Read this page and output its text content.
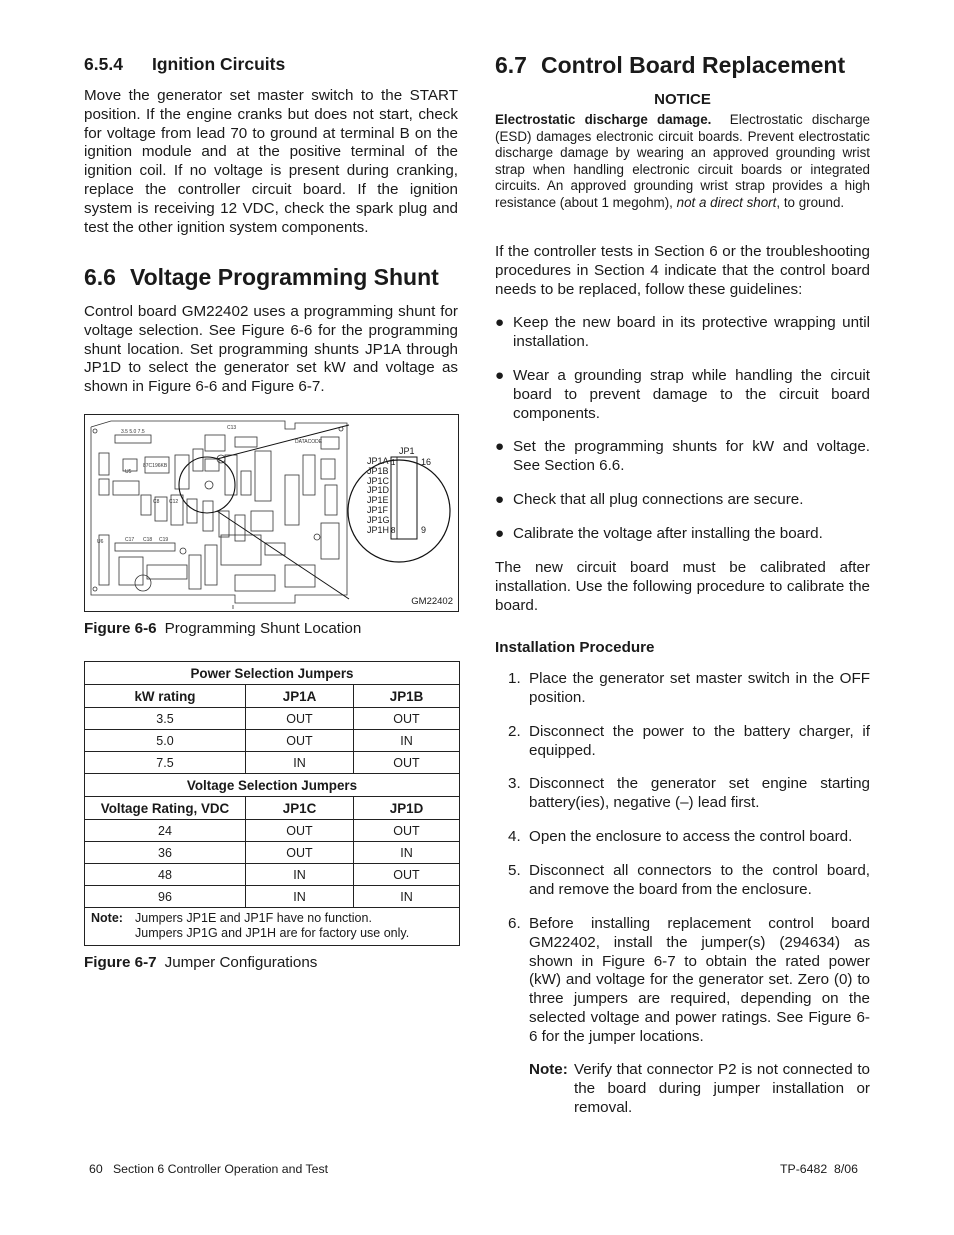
6.5.4 Ignition Circuits

Move the generator set master switch to the START position. If the engine cranks but does not start, check for voltage from lead 70 to ground at terminal B on the ignition module and at the positive terminal of the ignition coil. If no voltage is present during cranking, replace the controller circuit board. If the ignition system is receiving 12 VDC, check the spark plug and test the other ignition system components.

6.6 Voltage Programming Shunt

Control board GM22402 uses a programming shunt for voltage selection. See Figure 6-6 for the programming shunt location. Set programming shunts JP1A through JP1D to select the generator set kW and voltage as shown in Figure 6-6 and Figure 6-7.

3.5 5.0 7.5
87C196KB
U5
C13
DATACODE
C17 C18 C19
U6
C8 C12
JP1
1	16
8	9
JP1A
JP1B
JP1C
JP1D
JP1E
JP1F
JP1G
JP1H
GM22402
Figure 6-6 Programming Shunt Location
Power Selection Jumpers		
kW rating	JP1A	JP1B
3.5	OUT	OUT
5.0	OUT	IN
7.5	IN	OUT
Voltage Selection Jumpers		
Voltage Rating, VDC	JP1C	JP1D
24	OUT	OUT
36	OUT	IN
48	IN	OUT
96	IN	IN
Note: Jumpers JP1E and JP1F have no function.
Jumpers JP1G and JP1H are for factory use only.		
Figure 6-7 Jumper Configurations
6.7 Control Board Replacement
NOTICE

Electrostatic discharge damage. Electrostatic discharge (ESD) damages electronic circuit boards. Prevent electrostatic discharge damage by wearing an approved grounding wrist strap when handling electronic circuit boards or integrated circuits. An approved grounding wrist strap provides a high resistance (about 1 megohm), not a direct short, to ground.

If the controller tests in Section 6 or the troubleshooting procedures in Section 4 indicate that the control board needs to be replaced, follow these guidelines:

● Keep the new board in its protective wrapping until installation.
● Wear a grounding strap while handling the circuit board to prevent damage to the circuit board components.
● Set the programming shunts for kW and voltage. See Section 6.6.
● Check that all plug connections are secure.
● Calibrate the voltage after installing the board.

The new circuit board must be calibrated after installation. Use the following procedure to calibrate the board.

Installation Procedure
1. Place the generator set master switch in the OFF position.
2. Disconnect the power to the battery charger, if equipped.
3. Disconnect the generator set engine starting battery(ies), negative (–) lead first.
4. Open the enclosure to access the control board.
5. Disconnect all connectors to the control board, and remove the board from the enclosure.
6. Before installing replacement control board GM22402, install the jumper(s) (294634) as shown in Figure 6-7 to obtain the rated power (kW) and voltage for the generator set. Zero (0) to three jumpers are required, depending on the selected voltage and power ratings. See Figure 6-6 for the jumper locations.
Note: Verify that connector P2 is not connected to the board during jumper installation or removal.
60 Section 6 Controller Operation and Test	TP-6482 8/06
